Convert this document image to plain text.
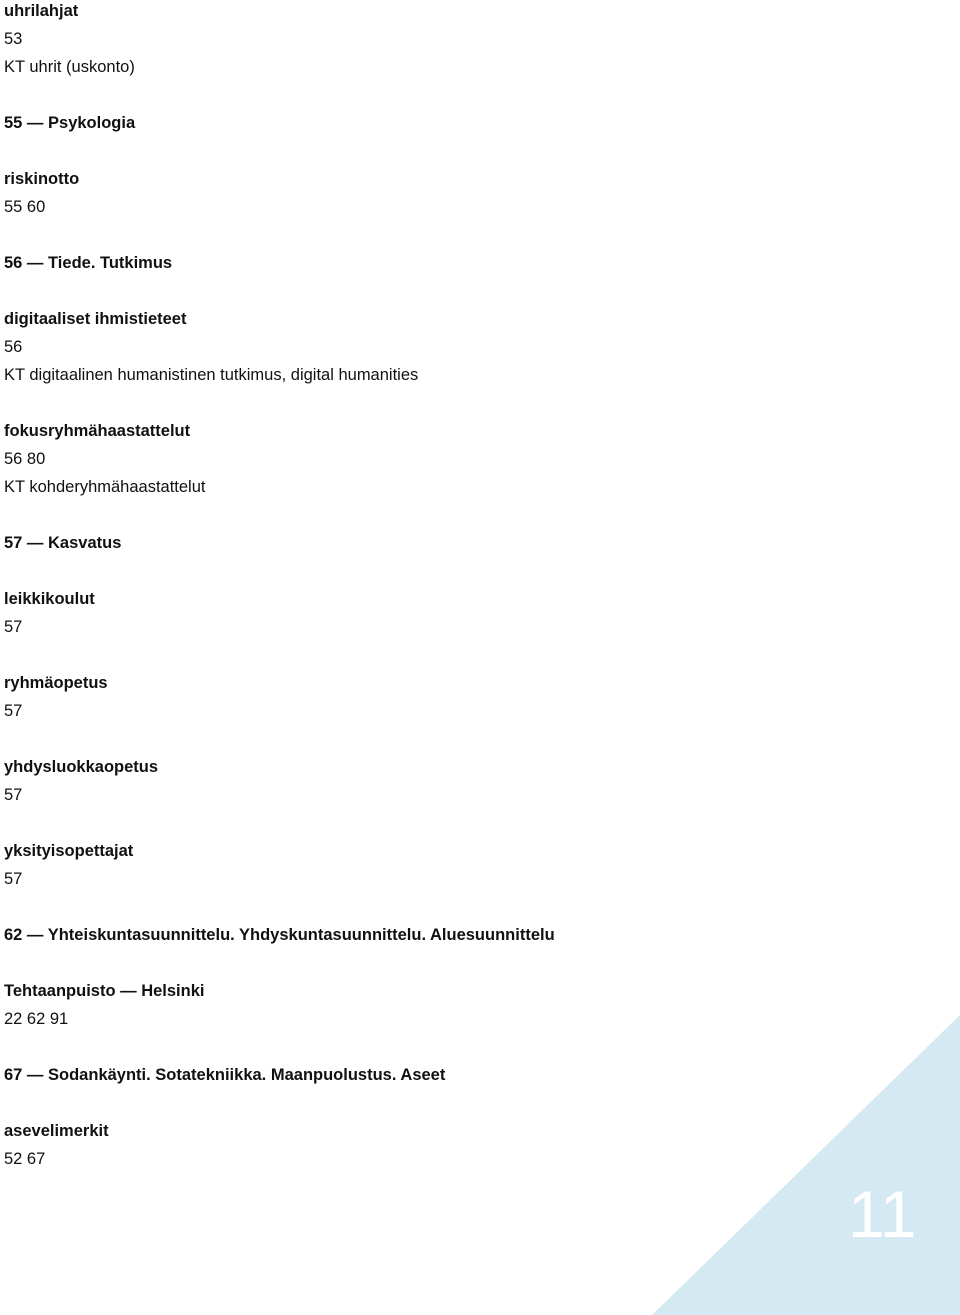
uhrilahjat
53
KT uhrit (uskonto)
55 — Psykologia
riskinotto
55 60
56 — Tiede. Tutkimus
digitaaliset ihmistieteet
56
KT digitaalinen humanistinen tutkimus, digital humanities
fokusryhmähaastattelut
56 80
KT kohderyhmähaastattelut
57 — Kasvatus
leikkikoulut
57
ryhmäopetus
57
yhdysluokkaopetus
57
yksityisopettajat
57
62 — Yhteiskuntasuunnittelu. Yhdyskuntasuunnittelu. Aluesuunnittelu
Tehtaanpuisto — Helsinki
22 62 91
67 — Sodankäynti. Sotatekniikka. Maanpuolustus. Aseet
asevelimerkit
52 67
11
